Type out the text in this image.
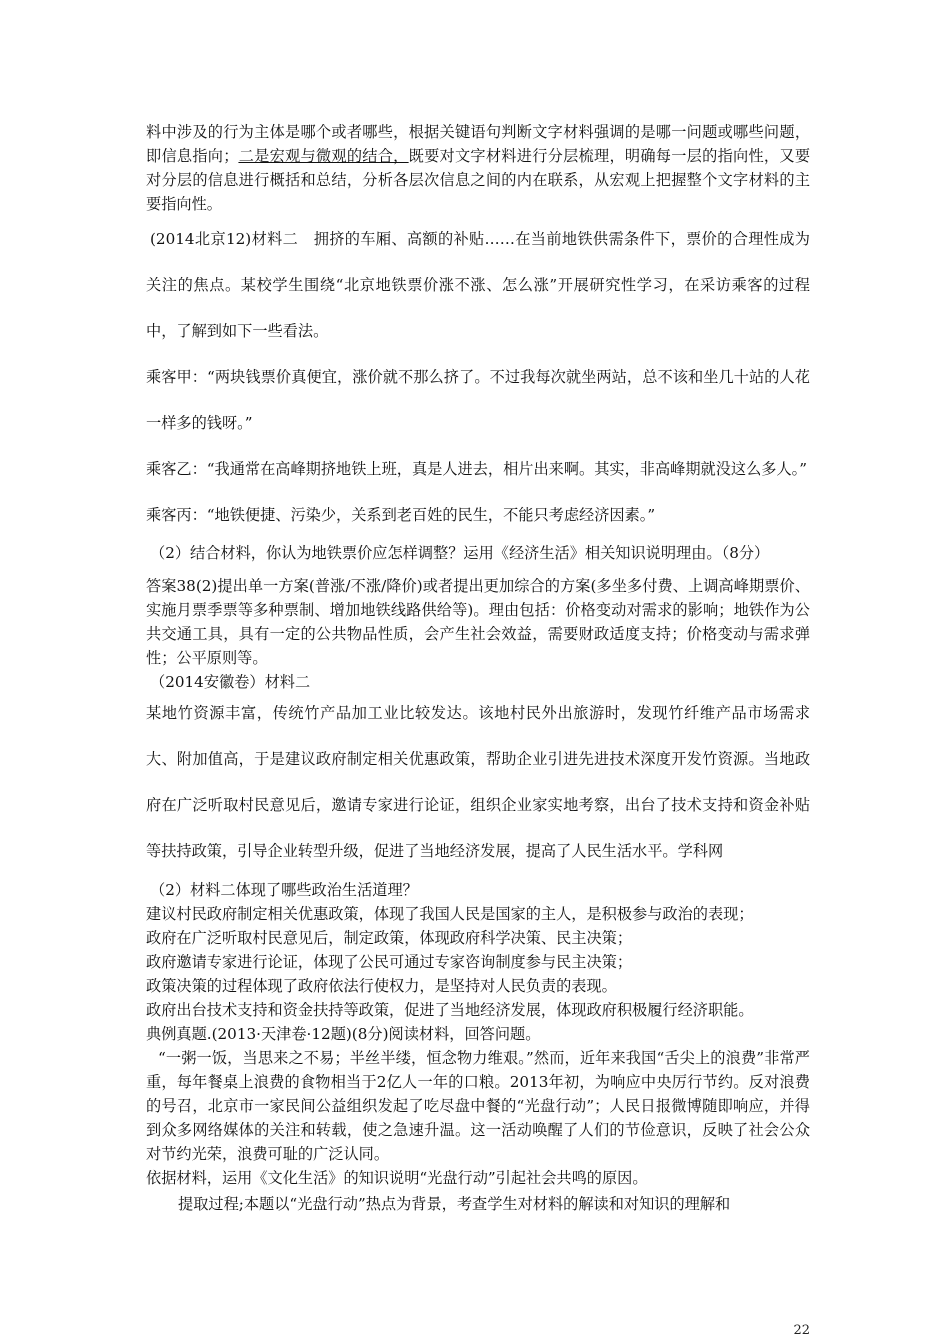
料中涉及的行为主体是哪个或者哪些，根据关键语句判断文字材料强调的是哪一问题或哪些问题，即信息指向；二是宏观与微观的结合，既要对文字材料进行分层梳理，明确每一层的指向性，又要对分层的信息进行概括和总结，分析各层次信息之间的内在联系，从宏观上把握整个文字材料的主要指向性。

(2014北京12)材料二　拥挤的车厢、高额的补贴……在当前地铁供需条件下，票价的合理性成为关注的焦点。某校学生围绕“北京地铁票价涨不涨、怎么涨”开展研究性学习，在采访乘客的过程中，了解到如下一些看法。

乘客甲：“两块钱票价真便宜，涨价就不那么挤了。不过我每次就坐两站，总不该和坐几十站的人花一样多的钱呀。”

乘客乙：“我通常在高峰期挤地铁上班，真是人进去，相片出来啊。其实，非高峰期就没这么多人。”

乘客丙：“地铁便捷、污染少，关系到老百姓的民生，不能只考虑经济因素。”

（2）结合材料，你认为地铁票价应怎样调整？运用《经济生活》相关知识说明理由。（8分）

答案38(2)提出单一方案(普涨/不涨/降价)或者提出更加综合的方案(多坐多付费、上调高峰期票价、实施月票季票等多种票制、增加地铁线路供给等)。理由包括：价格变动对需求的影响；地铁作为公共交通工具，具有一定的公共物品性质，会产生社会效益，需要财政适度支持；价格变动与需求弹性；公平原则等。

（2014安徽卷）材料二

某地竹资源丰富，传统竹产品加工业比较发达。该地村民外出旅游时，发现竹纤维产品市场需求大、附加值高，于是建议政府制定相关优惠政策，帮助企业引进先进技术深度开发竹资源。当地政府在广泛听取村民意见后，邀请专家进行论证，组织企业家实地考察，出台了技术支持和资金补贴等扶持政策，引导企业转型升级，促进了当地经济发展，提高了人民生活水平。学科网

（2）材料二体现了哪些政治生活道理？

建议村民政府制定相关优惠政策，体现了我国人民是国家的主人，是积极参与政治的表现；

政府在广泛听取村民意见后，制定政策，体现政府科学决策、民主决策；

政府邀请专家进行论证，体现了公民可通过专家咨询制度参与民主决策；

政策决策的过程体现了政府依法行使权力，是坚持对人民负责的表现。

政府出台技术支持和资金扶持等政策，促进了当地经济发展，体现政府积极履行经济职能。

典例真题.(2013·天津卷·12题)(8分)阅读材料，回答问题。

“一粥一饭，当思来之不易；半丝半缕，恒念物力维艰。”然而，近年来我国“舌尖上的浪费”非常严重，每年餐桌上浪费的食物相当于2亿人一年的口粮。2013年初，为响应中央厉行节约。反对浪费的号召，北京市一家民间公益组织发起了吃尽盘中餐的“光盘行动”；人民日报微博随即响应，并得到众多网络媒体的关注和转载，使之急速升温。这一活动唤醒了人们的节俭意识，反映了社会公众对节约光荣，浪费可耻的广泛认同。

依据材料，运用《文化生活》的知识说明“光盘行动”引起社会共鸣的原因。

提取过程;本题以“光盘行动”热点为背景，考查学生对材料的解读和对知识的理解和

22
